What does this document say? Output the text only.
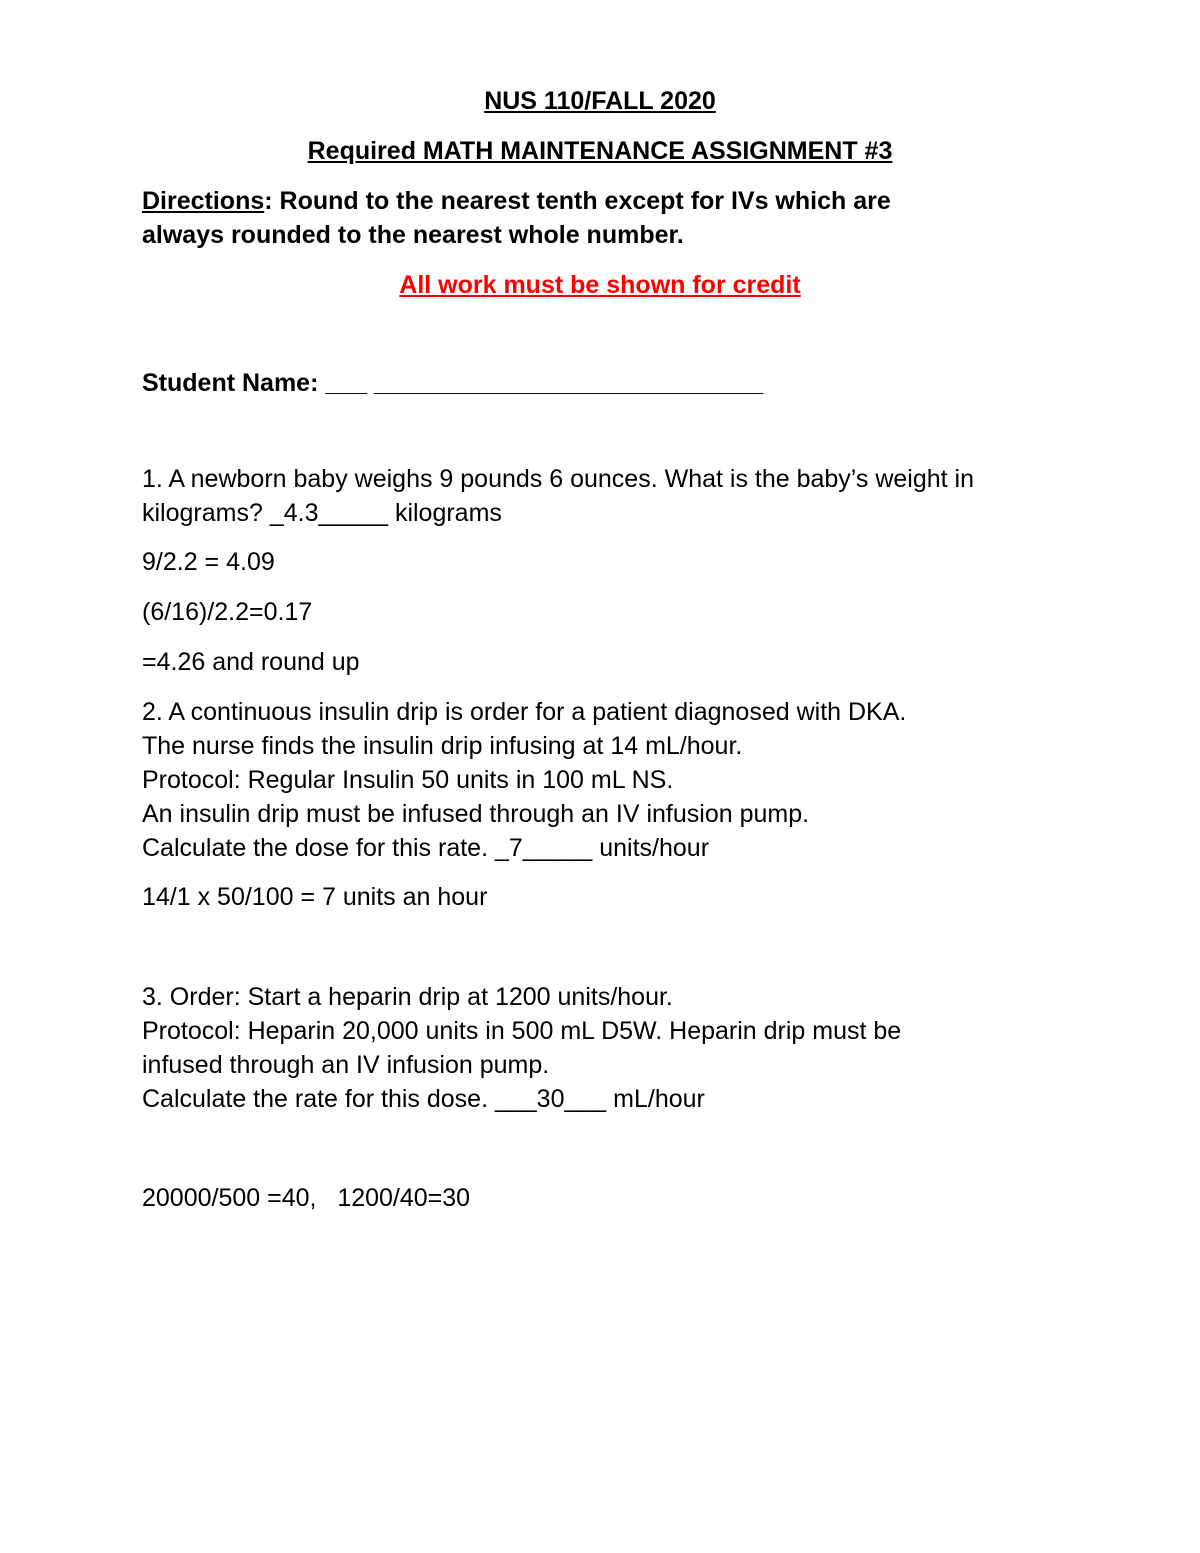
NUS 110/FALL 2020

Required MATH MAINTENANCE ASSIGNMENT #3

Directions: Round to the nearest tenth except for IVs which are

always rounded to the nearest whole number.

All work must be shown for credit

Student Name: ___ ____________________________

1. A newborn baby weighs 9 pounds 6 ounces. What is the baby’s weight in

kilograms? _4.3_____ kilograms

9/2.2 = 4.09

(6/16)/2.2=0.17

=4.26 and round up

2. A continuous insulin drip is order for a patient diagnosed with DKA.

The nurse finds the insulin drip infusing at 14 mL/hour.

Protocol: Regular Insulin 50 units in 100 mL NS.

An insulin drip must be infused through an IV infusion pump.

Calculate the dose for this rate. _7_____ units/hour

14/1 x 50/100 = 7 units an hour

3. Order: Start a heparin drip at 1200 units/hour.

Protocol: Heparin 20,000 units in 500 mL D5W. Heparin drip must be

infused through an IV infusion pump.

Calculate the rate for this dose. ___30___ mL/hour

20000/500 =40,   1200/40=30
